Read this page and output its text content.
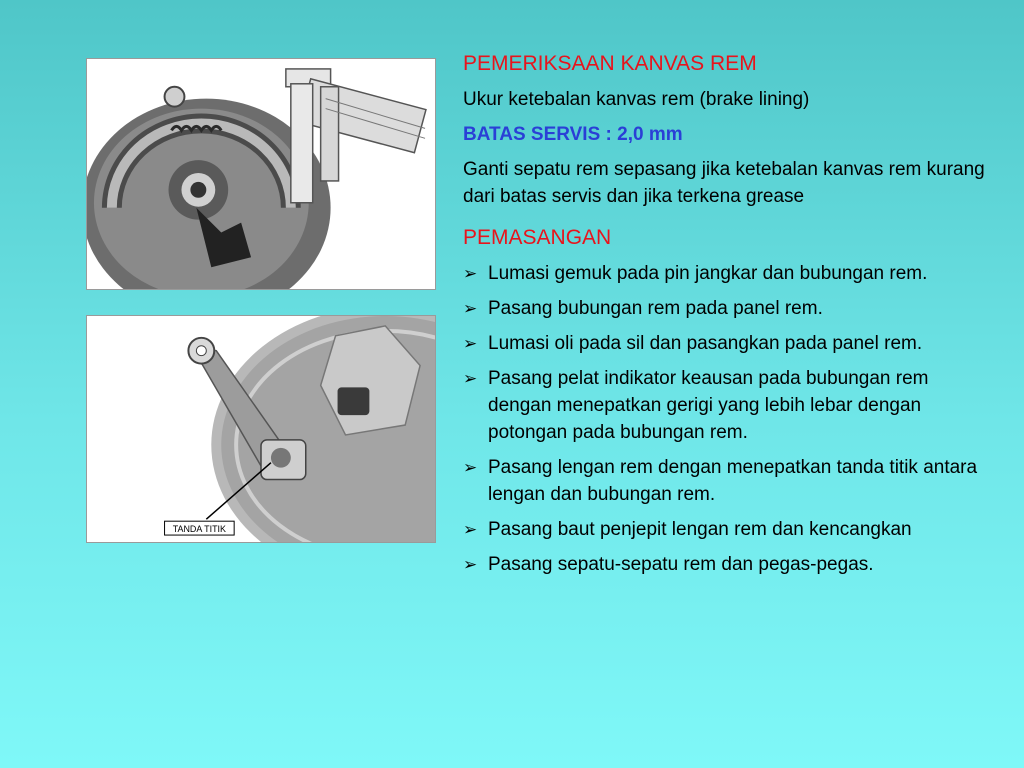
TANDA TITIK
PEMERIKSAAN KANVAS REM
Ukur ketebalan kanvas rem (brake lining)
BATAS SERVIS : 2,0 mm
Ganti sepatu rem sepasang jika ketebalan kanvas rem kurang dari batas servis dan jika terkena grease
PEMASANGAN
➢ Lumasi gemuk pada pin jangkar dan bubungan rem.
➢ Pasang bubungan rem pada panel rem.
➢ Lumasi oli pada sil dan pasangkan pada panel rem.
➢ Pasang pelat indikator keausan pada bubungan rem dengan menepatkan gerigi yang lebih lebar dengan potongan pada bubungan rem.
➢ Pasang lengan rem dengan menepatkan tanda titik antara lengan dan bubungan rem.
➢ Pasang baut penjepit lengan rem dan kencangkan
➢ Pasang sepatu-sepatu rem dan pegas-pegas.
